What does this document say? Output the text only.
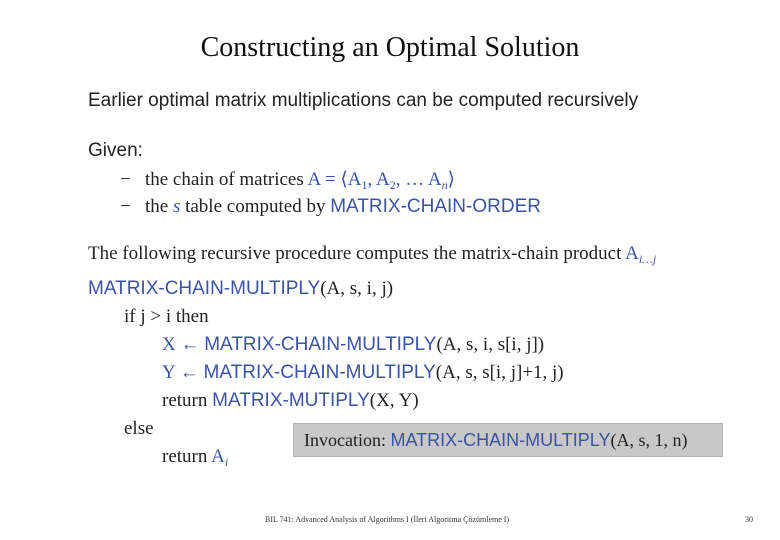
Constructing an Optimal Solution
Earlier optimal matrix multiplications can be computed recursively
Given:
− the chain of matrices $A = ⟨A_1$, $A_2$, … $A_n⟩$
− the s table computed by MATRIX-CHAIN-ORDER
The following recursive procedure computes the matrix-chain product $A_{i\dots j}$
MATRIX-CHAIN-MULTIPLY(A, s, i, j)
if j > i then
X ← MATRIX-CHAIN-MULTIPLY(A, s, i, s[i, j])
Y ← MATRIX-CHAIN-MULTIPLY(A, s, s[i, j]+1, j)
return MATRIX-MUTIPLY(X, Y)
else
return $A_i$
Invocation: MATRIX-CHAIN-MULTIPLY(A, s, 1, n)
BIL 741: Advanced Analysis of Algorithms I (İleri Algoritma Çözümleme I)	30
